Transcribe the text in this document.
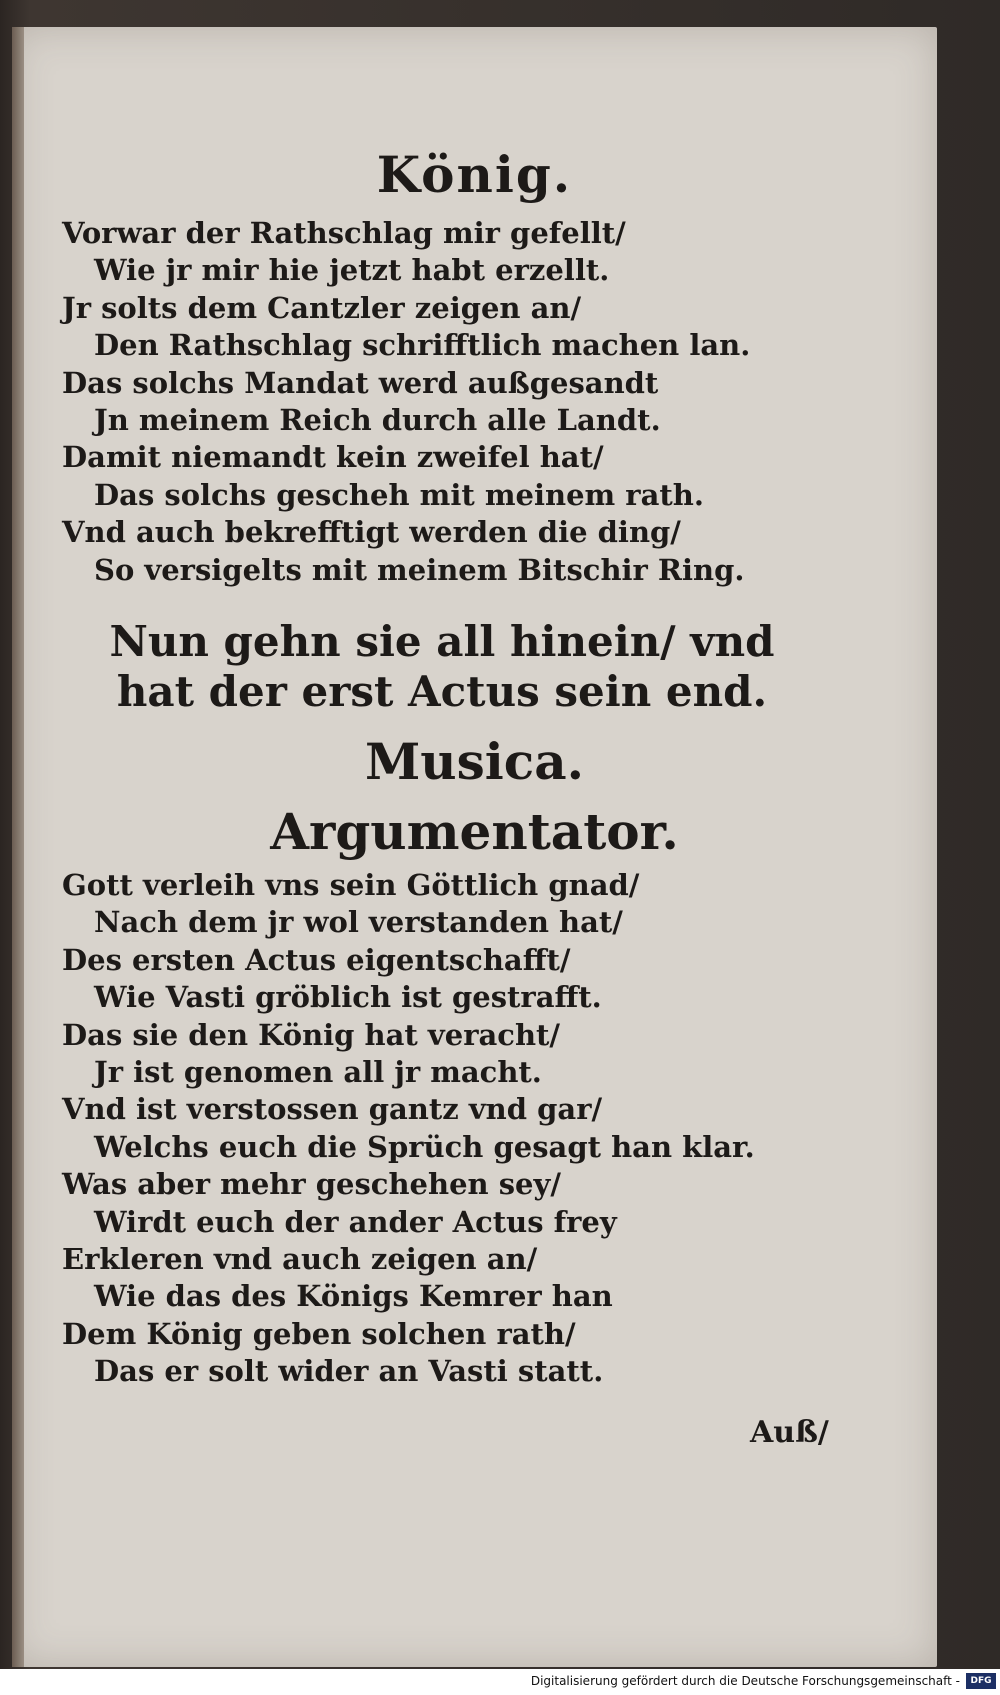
König.
Vorwar der Rathschlag mir gefellt/
Wie jr mir hie jetzt habt erzellt.
Jr solts dem Cantzler zeigen an/
Den Rathschlag schrifftlich machen lan.
Das solchs Mandat werd außgesandt
Jn meinem Reich durch alle Landt.
Damit niemandt kein zweifel hat/
Das solchs gescheh mit meinem rath.
Vnd auch bekrefftigt werden die ding/
So versigelts mit meinem Bitschir Ring.
Nun gehn sie all hinein/ vnd hat der erst Actus sein end.
Musica.
Argumentator.
Gott verleih vns sein Göttlich gnad/
Nach dem jr wol verstanden hat/
Des ersten Actus eigentschafft/
Wie Vasti gröblich ist gestrafft.
Das sie den König hat veracht/
Jr ist genomen all jr macht.
Vnd ist verstossen gantz vnd gar/
Welchs euch die Sprüch gesagt han klar.
Was aber mehr geschehen sey/
Wirdt euch der ander Actus frey
Erkleren vnd auch zeigen an/
Wie das des Königs Kemrer han
Dem König geben solchen rath/
Das er solt wider an Vasti statt.
Auß/
Digitalisierung gefördert durch die Deutsche Forschungsgemeinschaft -	DFG
